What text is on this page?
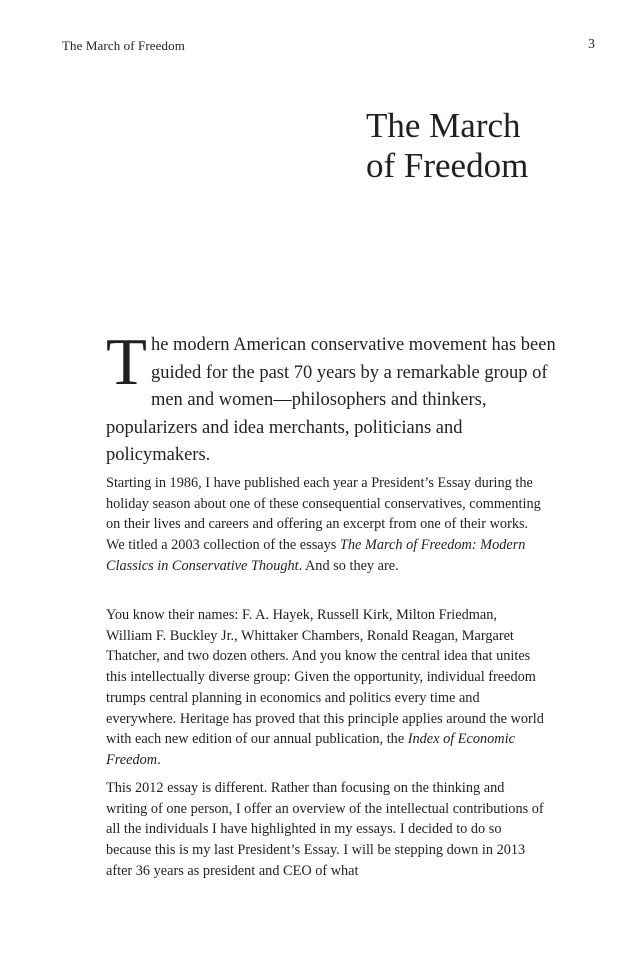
The March of Freedom	3
The March
of Freedom

The modern American conservative movement has been guided for the past 70 years by a remarkable group of men and women—philosophers and thinkers, popularizers and idea merchants, politicians and policymakers.

Starting in 1986, I have published each year a President’s Essay during the holiday season about one of these consequential conservatives, commenting on their lives and careers and offering an excerpt from one of their works. We titled a 2003 collection of the essays The March of Freedom: Modern Classics in Conservative Thought. And so they are.

You know their names: F. A. Hayek, Russell Kirk, Milton Friedman, William F. Buckley Jr., Whittaker Chambers, Ronald Reagan, Margaret Thatcher, and two dozen others. And you know the central idea that unites this intellectually diverse group: Given the opportunity, individual freedom trumps central planning in economics and politics every time and everywhere. Heritage has proved that this principle applies around the world with each new edition of our annual publication, the Index of Economic Freedom.

This 2012 essay is different. Rather than focusing on the thinking and writing of one person, I offer an overview of the intellectual contributions of all the individuals I have highlighted in my essays. I decided to do so because this is my last President’s Essay. I will be stepping down in 2013 after 36 years as president and CEO of what
